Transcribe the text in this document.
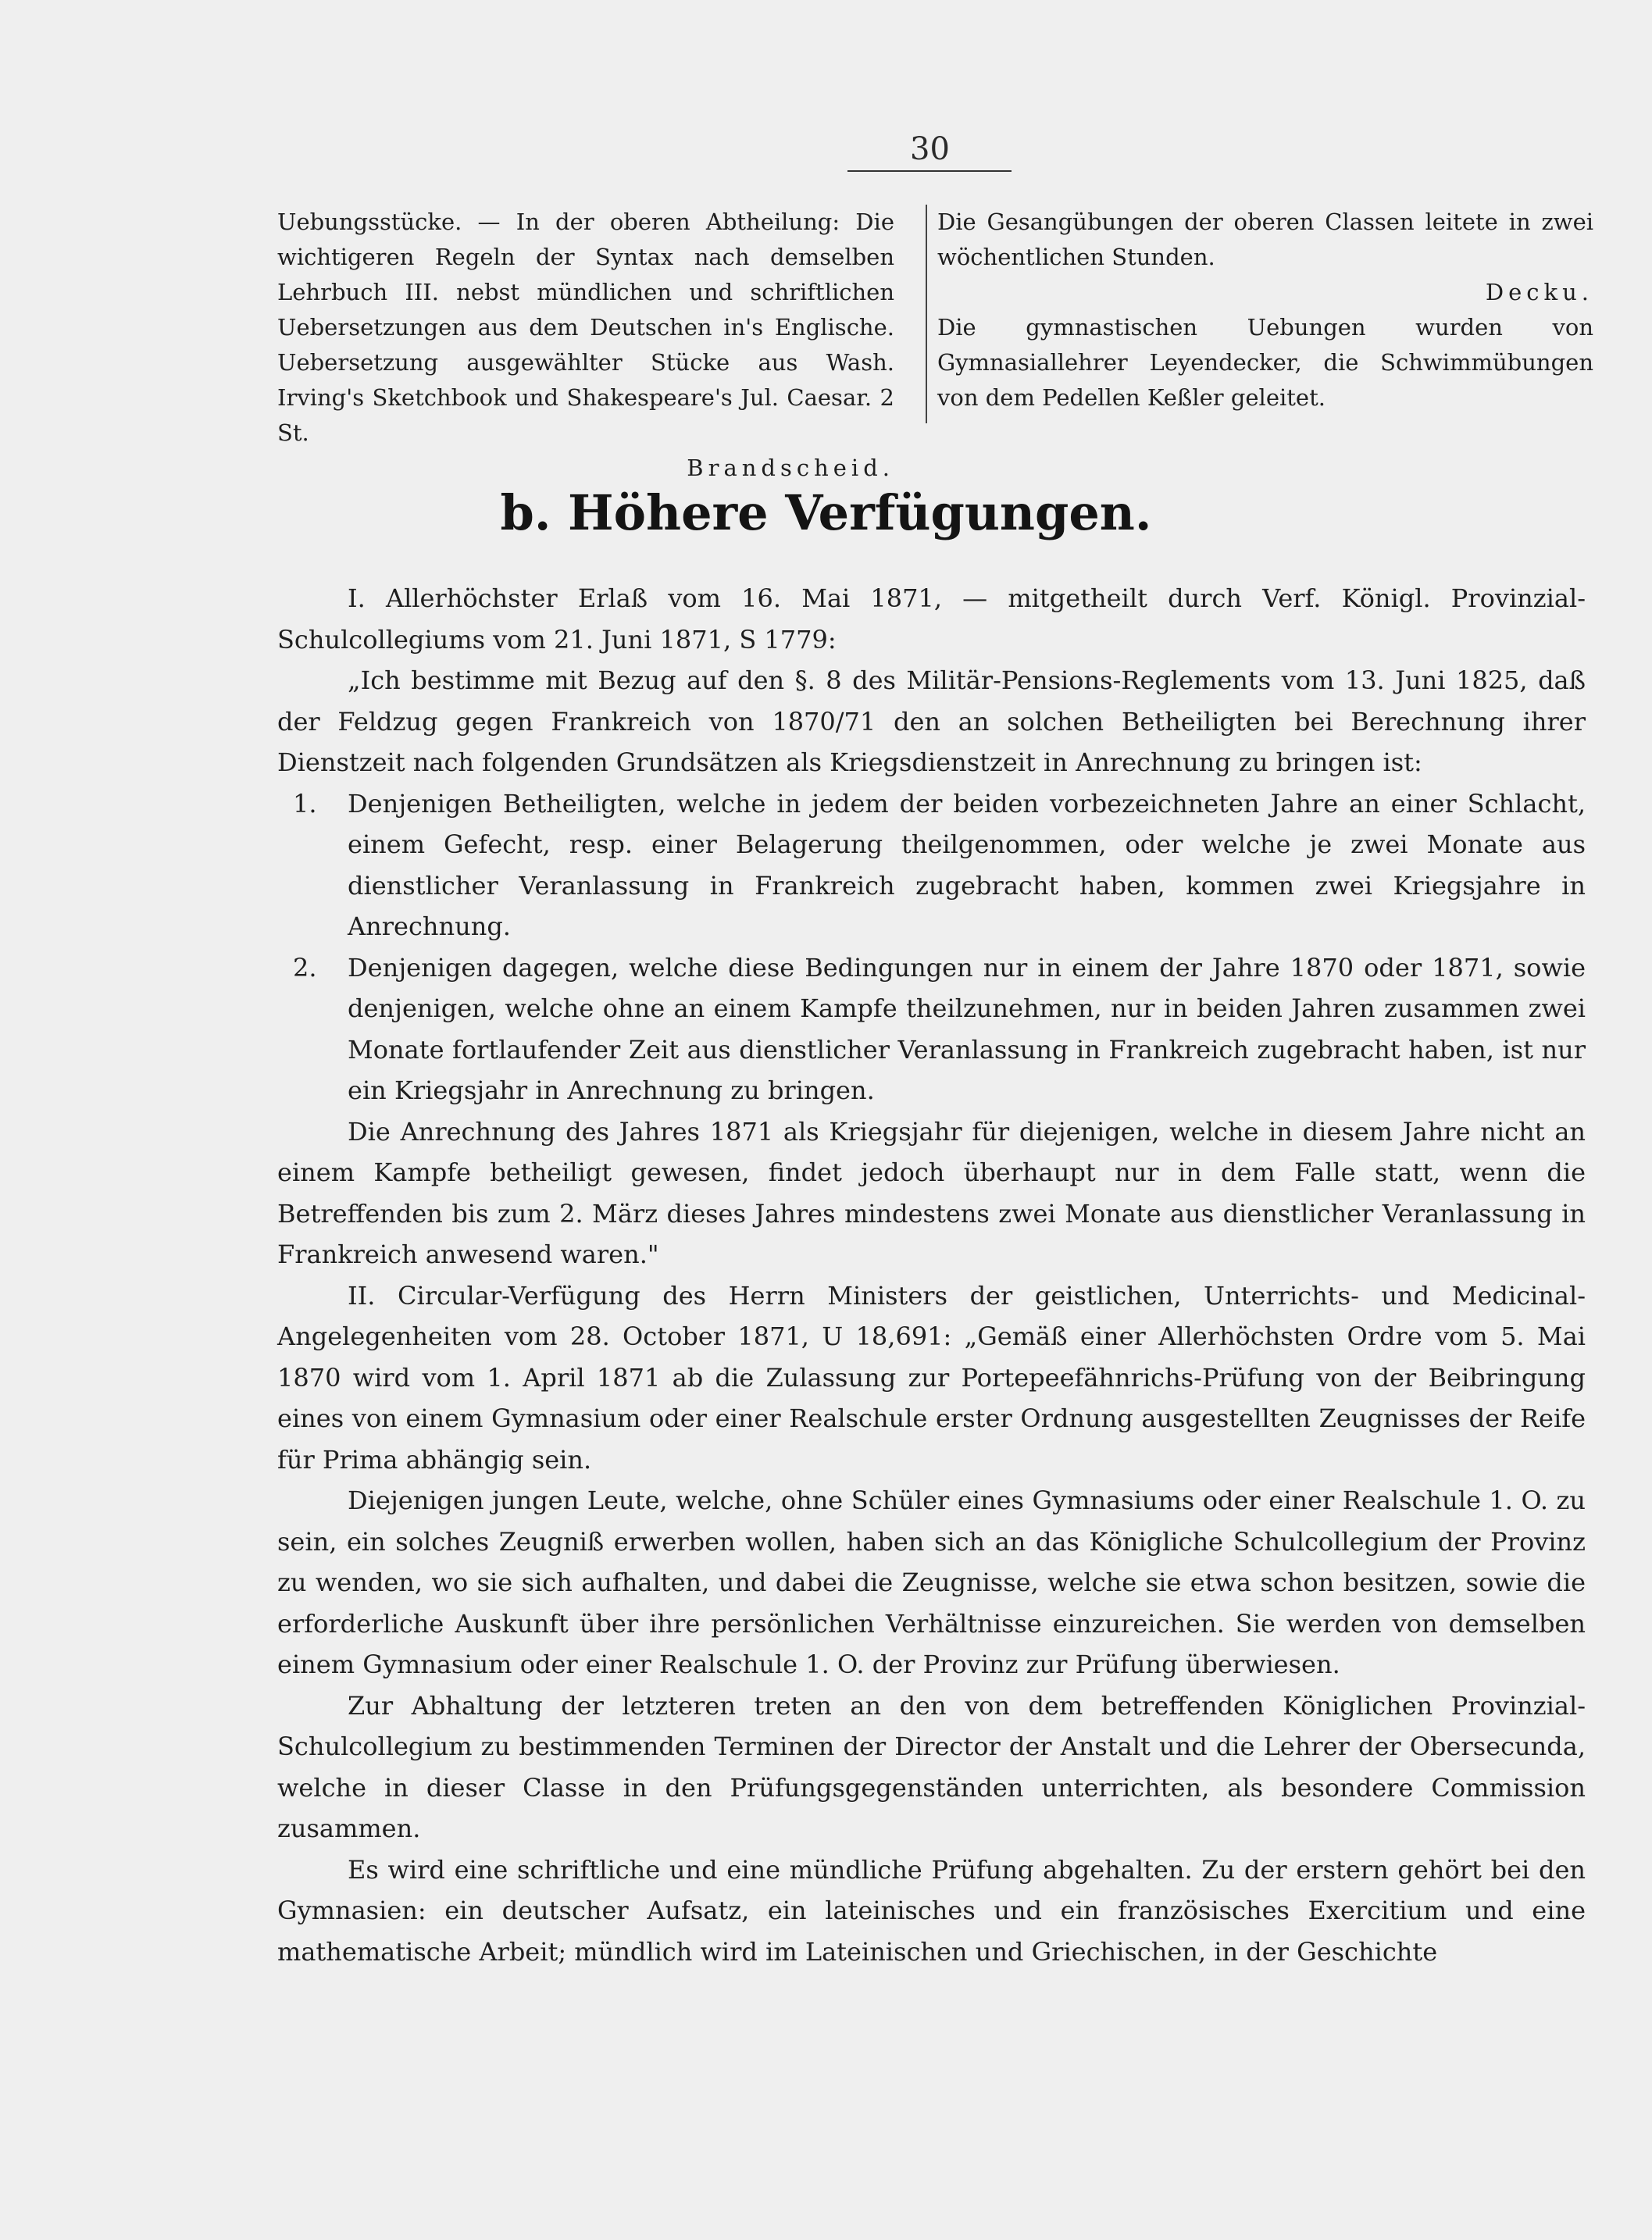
30

Uebungsstücke. — In der oberen Abtheilung: Die wichtigeren Regeln der Syntax nach demselben Lehrbuch III. nebst mündlichen und schriftlichen Uebersetzungen aus dem Deutschen in's Englische. Uebersetzung ausgewählter Stücke aus Wash. Irving's Sketchbook und Shakespeare's Jul. Caesar. 2 St.

Brandscheid.

Die Gesangübungen der oberen Classen leitete in zwei wöchentlichen Stunden.

Decku.

Die gymnastischen Uebungen wurden von Gymnasiallehrer Leyendecker, die Schwimmübungen von dem Pedellen Keßler geleitet.

b. Höhere Verfügungen.

I. Allerhöchster Erlaß vom 16. Mai 1871, — mitgetheilt durch Verf. Königl. Provinzial-Schulcollegiums vom 21. Juni 1871, S 1779:

„Ich bestimme mit Bezug auf den §. 8 des Militär-Pensions-Reglements vom 13. Juni 1825, daß der Feldzug gegen Frankreich von 1870/71 den an solchen Betheiligten bei Berechnung ihrer Dienstzeit nach folgenden Grundsätzen als Kriegsdienstzeit in Anrechnung zu bringen ist:

1.	Denjenigen Betheiligten, welche in jedem der beiden vorbezeichneten Jahre an einer Schlacht, einem Gefecht, resp. einer Belagerung theilgenommen, oder welche je zwei Monate aus dienstlicher Veranlassung in Frankreich zugebracht haben, kommen zwei Kriegsjahre in Anrechnung.
2.	Denjenigen dagegen, welche diese Bedingungen nur in einem der Jahre 1870 oder 1871, sowie denjenigen, welche ohne an einem Kampfe theilzunehmen, nur in beiden Jahren zusammen zwei Monate fortlaufender Zeit aus dienstlicher Veranlassung in Frankreich zugebracht haben, ist nur ein Kriegsjahr in Anrechnung zu bringen.

Die Anrechnung des Jahres 1871 als Kriegsjahr für diejenigen, welche in diesem Jahre nicht an einem Kampfe betheiligt gewesen, findet jedoch überhaupt nur in dem Falle statt, wenn die Betreffenden bis zum 2. März dieses Jahres mindestens zwei Monate aus dienstlicher Veranlassung in Frankreich anwesend waren."

II. Circular-Verfügung des Herrn Ministers der geistlichen, Unterrichts- und Medicinal-Angelegenheiten vom 28. October 1871, U 18,691: „Gemäß einer Allerhöchsten Ordre vom 5. Mai 1870 wird vom 1. April 1871 ab die Zulassung zur Portepeefähnrichs-Prüfung von der Beibringung eines von einem Gymnasium oder einer Realschule erster Ordnung ausgestellten Zeugnisses der Reife für Prima abhängig sein.

Diejenigen jungen Leute, welche, ohne Schüler eines Gymnasiums oder einer Realschule 1. O. zu sein, ein solches Zeugniß erwerben wollen, haben sich an das Königliche Schulcollegium der Provinz zu wenden, wo sie sich aufhalten, und dabei die Zeugnisse, welche sie etwa schon besitzen, sowie die erforderliche Auskunft über ihre persönlichen Verhältnisse einzureichen. Sie werden von demselben einem Gymnasium oder einer Realschule 1. O. der Provinz zur Prüfung überwiesen.

Zur Abhaltung der letzteren treten an den von dem betreffenden Königlichen Provinzial-Schulcollegium zu bestimmenden Terminen der Director der Anstalt und die Lehrer der Obersecunda, welche in dieser Classe in den Prüfungsgegenständen unterrichten, als besondere Commission zusammen.

Es wird eine schriftliche und eine mündliche Prüfung abgehalten. Zu der erstern gehört bei den Gymnasien: ein deutscher Aufsatz, ein lateinisches und ein französisches Exercitium und eine mathematische Arbeit; mündlich wird im Lateinischen und Griechischen, in der Geschichte
